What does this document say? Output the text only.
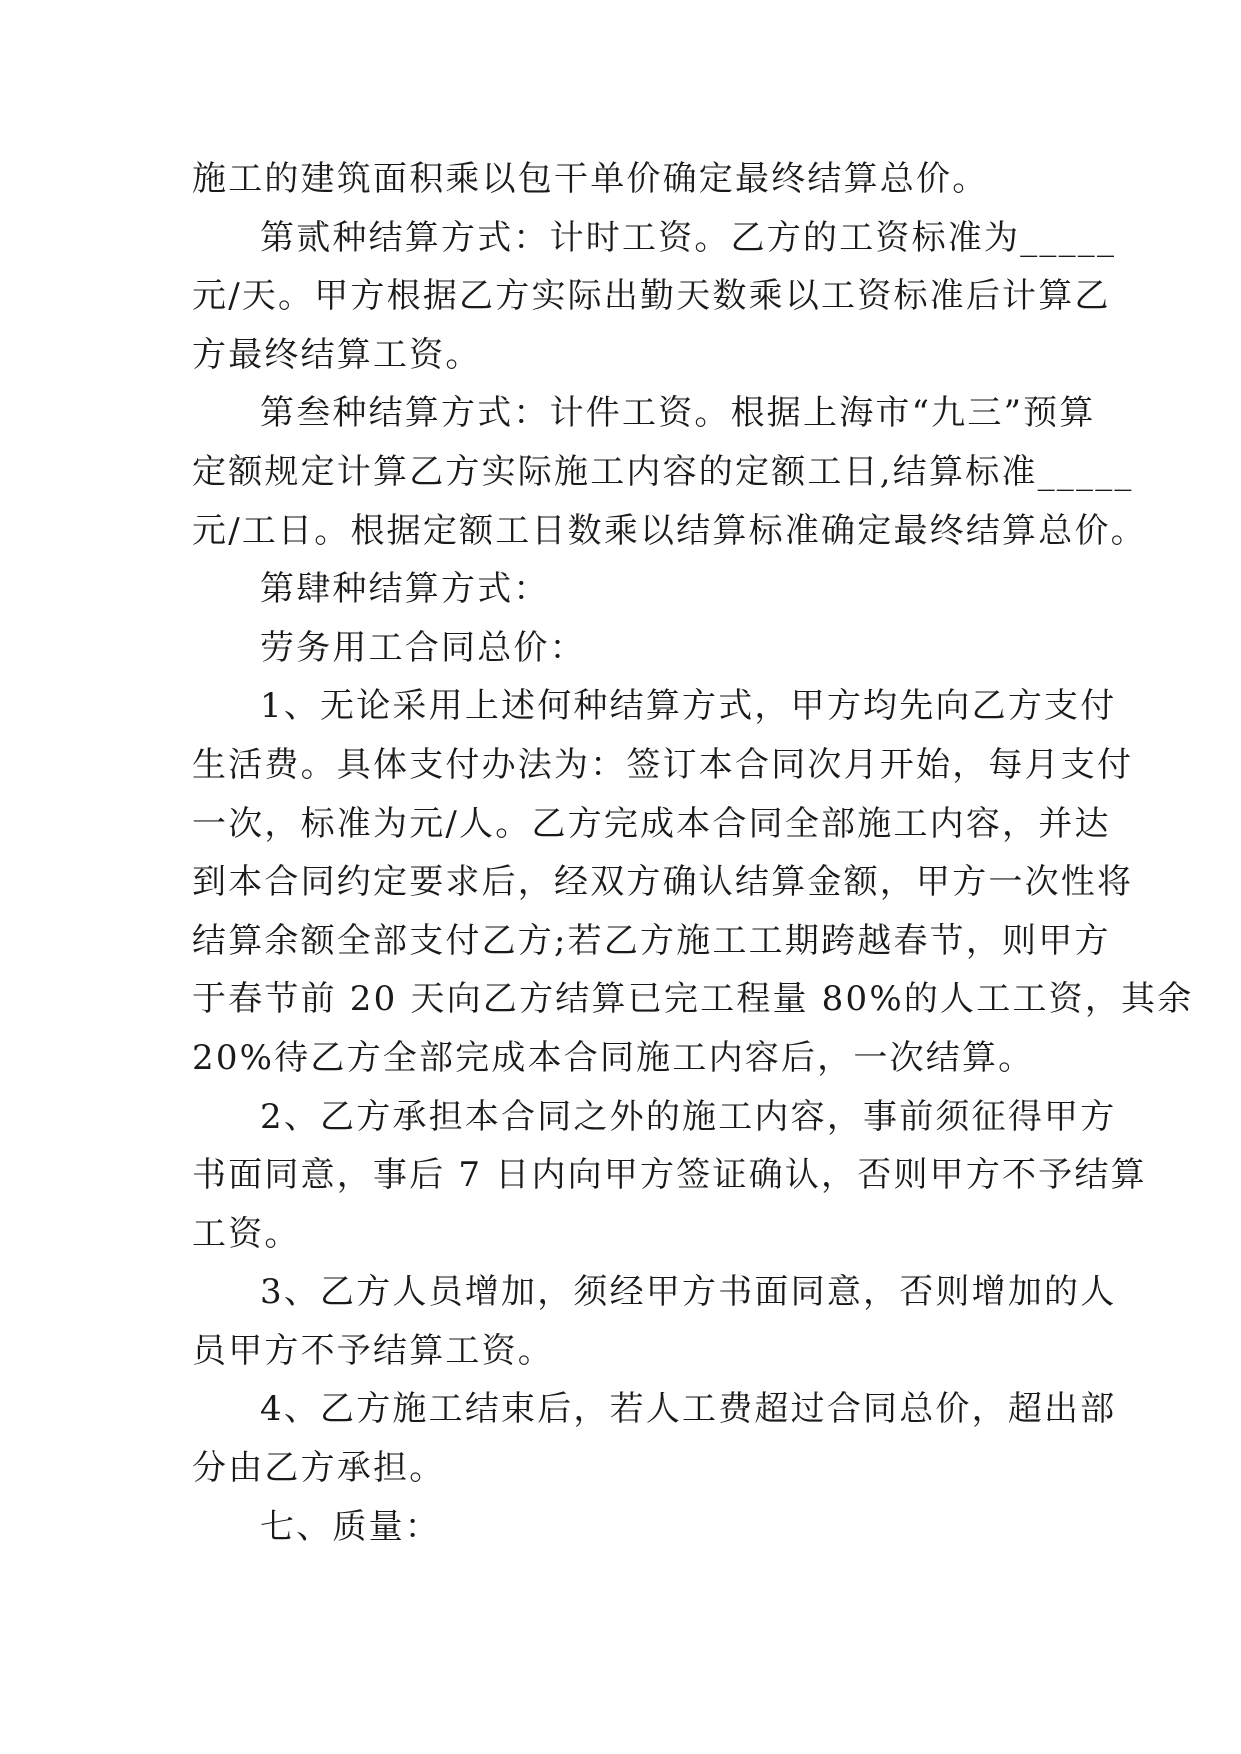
施工的建筑面积乘以包干单价确定最终结算总价。
第贰种结算方式：计时工资。乙方的工资标准为_____
元/天。甲方根据乙方实际出勤天数乘以工资标准后计算乙
方最终结算工资。
第叁种结算方式：计件工资。根据上海市“九三”预算
定额规定计算乙方实际施工内容的定额工日,结算标准_____
元/工日。根据定额工日数乘以结算标准确定最终结算总价。
第肆种结算方式：
劳务用工合同总价：
1、无论采用上述何种结算方式，甲方均先向乙方支付
生活费。具体支付办法为：签订本合同次月开始，每月支付
一次，标准为元/人。乙方完成本合同全部施工内容，并达
到本合同约定要求后，经双方确认结算金额，甲方一次性将
结算余额全部支付乙方;若乙方施工工期跨越春节，则甲方
于春节前 20 天向乙方结算已完工程量 80%的人工工资，其余
20%待乙方全部完成本合同施工内容后，一次结算。
2、乙方承担本合同之外的施工内容，事前须征得甲方
书面同意，事后 7 日内向甲方签证确认，否则甲方不予结算
工资。
3、乙方人员增加，须经甲方书面同意，否则增加的人
员甲方不予结算工资。
4、乙方施工结束后，若人工费超过合同总价，超出部
分由乙方承担。
七、质量：
